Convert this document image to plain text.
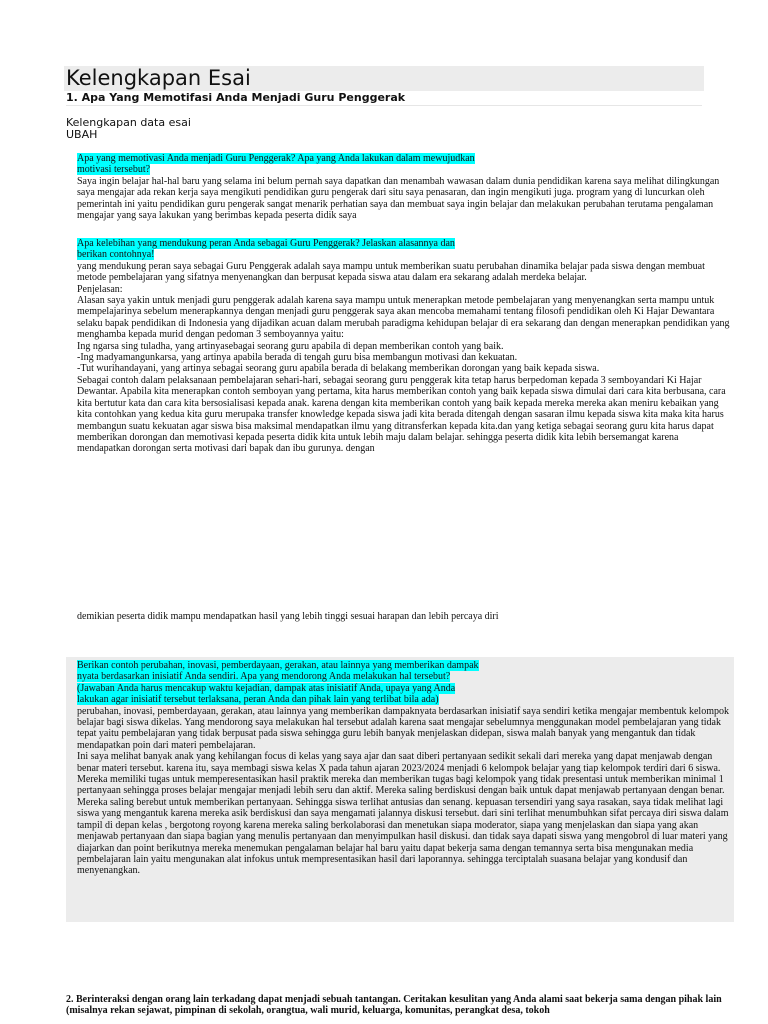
Kelengkapan Esai
1. Apa Yang Memotifasi Anda Menjadi Guru Penggerak
Kelengkapan data esai
UBAH
Apa yang memotivasi Anda menjadi Guru Penggerak? Apa yang Anda lakukan dalam mewujudkan
motivasi tersebut?

Saya ingin belajar hal-hal baru yang selama ini belum pernah saya dapatkan dan menambah wawasan dalam dunia pendidikan karena saya melihat dilingkungan saya mengajar ada rekan kerja saya mengikuti pendidikan guru pengerak dari situ saya penasaran, dan ingin mengikuti juga. program yang di luncurkan oleh pemerintah ini yaitu pendidikan guru pengerak sangat menarik perhatian saya dan membuat saya ingin belajar dan melakukan perubahan terutama pengalaman mengajar yang saya lakukan yang berimbas kepada peserta didik saya

Apa kelebihan yang mendukung peran Anda sebagai Guru Penggerak? Jelaskan alasannya dan
berikan contohnya!

yang mendukung peran saya sebagai Guru Penggerak adalah saya mampu untuk memberikan suatu perubahan dinamika belajar pada siswa dengan membuat metode pembelajaran yang sifatnya menyenangkan dan berpusat kepada siswa atau dalam era sekarang adalah merdeka belajar.

Penjelasan:

Alasan saya yakin untuk menjadi guru penggerak adalah karena saya mampu untuk menerapkan metode pembelajaran yang menyenangkan serta mampu untuk mempelajarinya sebelum menerapkannya dengan menjadi guru penggerak saya akan mencoba memahami tentang filosofi pendidikan oleh Ki Hajar Dewantara selaku bapak pendidikan di Indonesia yang dijadikan acuan dalam merubah paradigma kehidupan belajar di era sekarang dan dengan menerapkan pendidikan yang menghamba kepada murid dengan pedoman 3 semboyannya yaitu:

Ing ngarsa sing tuladha, yang artinyasebagai seorang guru apabila di depan memberikan contoh yang baik.

-Ing madyamangunkarsa, yang artinya apabila berada di tengah guru bisa membangun motivasi dan kekuatan.

-Tut wurihandayani, yang artinya sebagai seorang guru apabila berada di belakang memberikan dorongan yang baik kepada siswa.

Sebagai contoh dalam pelaksanaan pembelajaran sehari-hari, sebagai seorang guru penggerak kita tetap harus berpedoman kepada 3 semboyandari Ki Hajar Dewantar. Apabila kita menerapkan contoh semboyan yang pertama, kita harus memberikan contoh yang baik kepada siswa dimulai dari cara kita berbusana, cara kita bertutur kata dan cara kita bersosialisasi kepada anak. karena dengan kita memberikan contoh yang baik kepada mereka mereka akan meniru kebaikan yang kita contohkan yang kedua kita guru merupaka transfer knowledge kepada siswa jadi kita berada ditengah dengan sasaran ilmu kepada siswa kita maka kita harus membangun suatu kekuatan agar siswa bisa maksimal mendapatkan ilmu yang ditransferkan kepada kita.dan yang ketiga sebagai seorang guru kita harus dapat memberikan dorongan dan memotivasi kepada peserta didik kita untuk lebih maju dalam belajar. sehingga peserta didik kita lebih bersemangat karena mendapatkan dorongan serta motivasi dari bapak dan ibu gurunya. dengan

demikian peserta didik mampu mendapatkan hasil yang lebih tinggi sesuai harapan dan lebih percaya diri
Berikan contoh perubahan, inovasi, pemberdayaan, gerakan, atau lainnya yang memberikan dampak
nyata berdasarkan inisiatif Anda sendiri. Apa yang mendorong Anda melakukan hal tersebut?
(Jawaban Anda harus mencakup waktu kejadian, dampak atas inisiatif Anda, upaya yang Anda
lakukan agar inisiatif tersebut terlaksana, peran Anda dan pihak lain yang terlibat bila ada)

perubahan, inovasi, pemberdayaan, gerakan, atau lainnya yang memberikan dampaknyata berdasarkan inisiatif saya sendiri ketika mengajar membentuk kelompok belajar bagi siswa dikelas. Yang mendorong saya melakukan hal tersebut adalah karena saat mengajar sebelumnya menggunakan model pembelajaran yang tidak tepat yaitu pembelajaran yang tidak berpusat pada siswa sehingga guru lebih banyak menjelaskan didepan, siswa malah banyak yang mengantuk dan tidak mendapatkan poin dari materi pembelajaran.

Ini saya melihat banyak anak yang kehilangan focus di kelas yang saya ajar dan saat diberi pertanyaan sedikit sekali dari mereka yang dapat menjawab dengan benar materi tersebut. karena itu, saya membagi siswa kelas X pada tahun ajaran 2023/2024 menjadi 6 kelompok belajar yang tiap kelompok terdiri dari 6 siswa.

Mereka memiliki tugas untuk memperesentasikan hasil praktik mereka dan memberikan tugas bagi kelompok yang tidak presentasi untuk memberikan minimal 1 pertanyaan sehingga proses belajar mengajar menjadi lebih seru dan aktif. Mereka saling berdiskusi dengan baik untuk dapat menjawab pertanyaan dengan benar. Mereka saling berebut untuk memberikan pertanyaan. Sehingga siswa terlihat antusias dan senang. kepuasan tersendiri yang saya rasakan, saya tidak melihat lagi siswa yang mengantuk karena mereka asik berdiskusi dan saya mengamati jalannya diskusi tersebut. dari sini terlihat menumbuhkan sifat percaya diri siswa dalam tampil di depan kelas , bergotong royong karena mereka saling berkolaborasi dan menetukan siapa moderator, siapa yang menjelaskan dan siapa yang akan menjawab pertanyaan dan siapa bagian yang menulis pertanyaan dan menyimpulkan hasil diskusi. dan tidak saya dapati siswa yang mengobrol di luar materi yang diajarkan dan point berikutnya mereka menemukan pengalaman belajar hal baru yaitu dapat bekerja sama dengan temannya serta bisa mengunakan media pembelajaran lain yaitu mengunakan alat infokus untuk mempresentasikan hasil dari laporannya. sehingga terciptalah suasana belajar yang kondusif dan menyenangkan.

2. Berinteraksi dengan orang lain terkadang dapat menjadi sebuah tantangan. Ceritakan kesulitan yang Anda alami saat bekerja sama dengan pihak lain (misalnya rekan sejawat, pimpinan di sekolah, orangtua, wali murid, keluarga, komunitas, perangkat desa, tokoh
